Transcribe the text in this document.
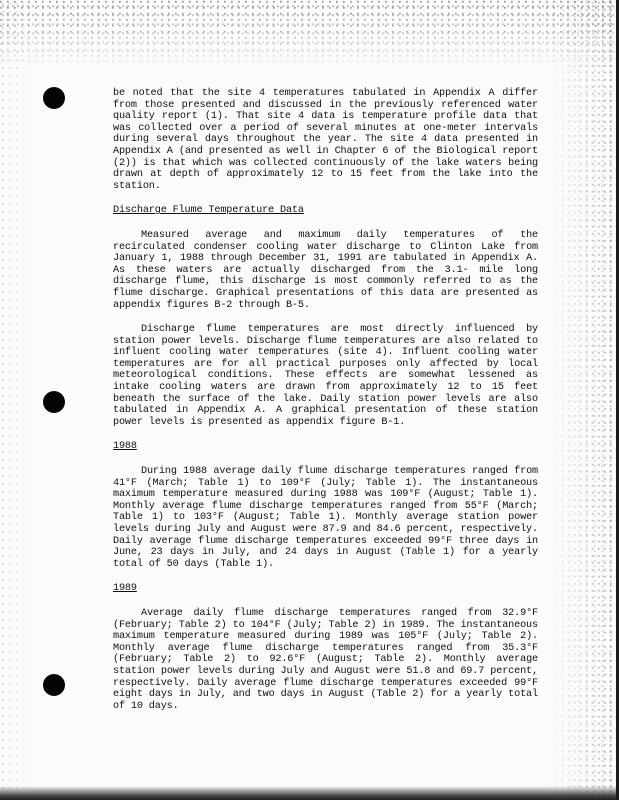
be noted that the site 4 temperatures tabulated in Appendix A differ from those presented and discussed in the previously referenced water quality report (1). That site 4 data is temperature profile data that was collected over a period of several minutes at one-meter intervals during several days throughout the year. The site 4 data presented in Appendix A (and presented as well in Chapter 6 of the Biological report (2)) is that which was collected continuously of the lake waters being drawn at depth of approximately 12 to 15 feet from the lake into the station.

Discharge Flume Temperature Data

Measured average and maximum daily temperatures of the recirculated condenser cooling water discharge to Clinton Lake from January 1, 1988 through December 31, 1991 are tabulated in Appendix A. As these waters are actually discharged from the 3.1- mile long discharge flume, this discharge is most commonly referred to as the flume discharge. Graphical presentations of this data are presented as appendix figures B-2 through B-5.

Discharge flume temperatures are most directly influenced by station power levels. Discharge flume temperatures are also related to influent cooling water temperatures (site 4). Influent cooling water temperatures are for all practical purposes only affected by local meteorological conditions. These effects are somewhat lessened as intake cooling waters are drawn from approximately 12 to 15 feet beneath the surface of the lake. Daily station power levels are also tabulated in Appendix A. A graphical presentation of these station power levels is presented as appendix figure B-1.

1988

During 1988 average daily flume discharge temperatures ranged from 41°F (March; Table 1) to 109°F (July; Table 1). The instantaneous maximum temperature measured during 1988 was 109°F (August; Table 1). Monthly average flume discharge temperatures ranged from 55°F (March; Table 1) to 103°F (August; Table 1). Monthly average station power levels during July and August were 87.9 and 84.6 percent, respectively. Daily average flume discharge temperatures exceeded 99°F three days in June, 23 days in July, and 24 days in August (Table 1) for a yearly total of 50 days (Table 1).

1989

Average daily flume discharge temperatures ranged from 32.9°F (February; Table 2) to 104°F (July; Table 2) in 1989. The instantaneous maximum temperature measured during 1989 was 105°F (July; Table 2). Monthly average flume discharge temperatures ranged from 35.3°F (February; Table 2) to 92.6°F (August; Table 2). Monthly average station power levels during July and August were 51.8 and 69.7 percent, respectively. Daily average flume discharge temperatures exceeded 99°F eight days in July, and two days in August (Table 2) for a yearly total of 10 days.
